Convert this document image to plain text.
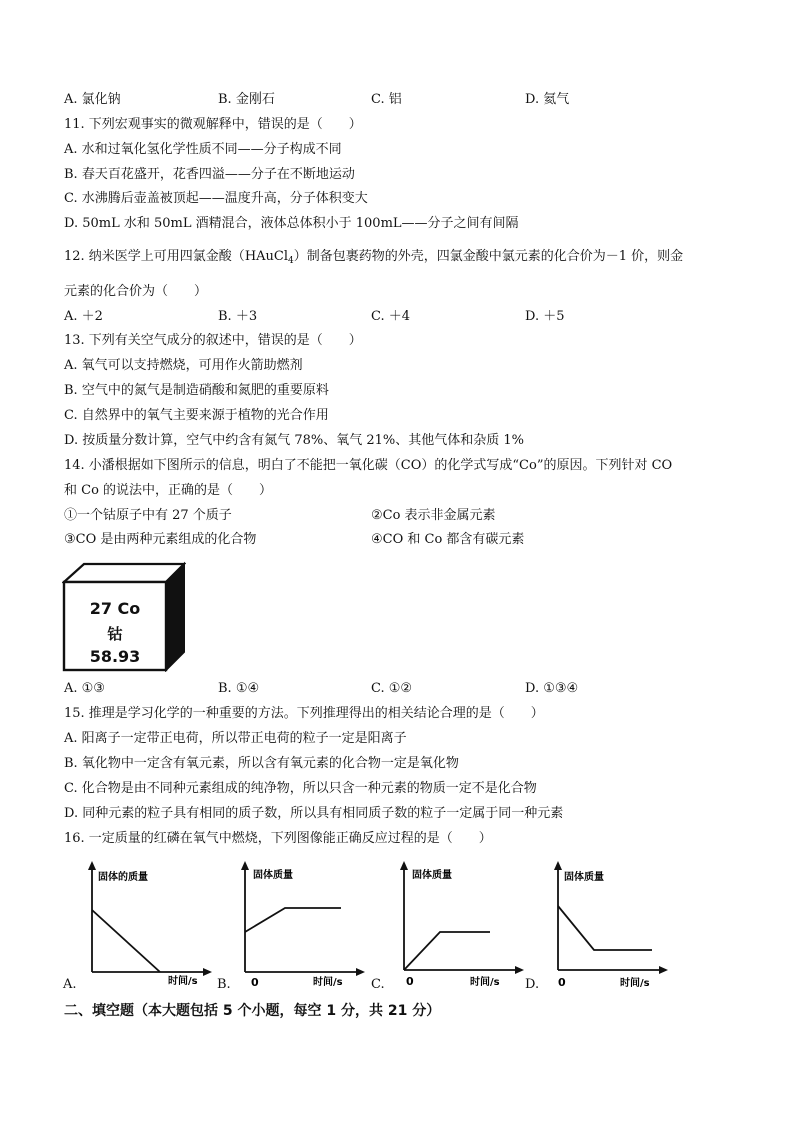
A. 氯化钠	B. 金刚石	C. 铝	D. 氦气
11. 下列宏观事实的微观解释中，错误的是（　　）
A. 水和过氧化氢化学性质不同——分子构成不同
B. 春天百花盛开，花香四溢——分子在不断地运动
C. 水沸腾后壶盖被顶起——温度升高，分子体积变大
D. 50mL 水和 50mL 酒精混合，液体总体积小于 100mL——分子之间有间隔
12. 纳米医学上可用四氯金酸（HAuCl$_4$）制备包裹药物的外壳，四氯金酸中氯元素的化合价为－1 价，则金
元素的化合价为（　　）
A. ＋2	B. ＋3	C. ＋4	D. ＋5
13. 下列有关空气成分的叙述中，错误的是（　　）
A. 氧气可以支持燃烧，可用作火箭助燃剂
B. 空气中的氮气是制造硝酸和氮肥的重要原料
C. 自然界中的氧气主要来源于植物的光合作用
D. 按质量分数计算，空气中约含有氮气 78%、氧气 21%、其他气体和杂质 1%
14. 小潘根据如下图所示的信息，明白了不能把一氧化碳（CO）的化学式写成“Co”的原因。下列针对 CO
和 Co 的说法中，正确的是（　　）
①一个钴原子中有 27 个质子	②Co 表示非金属元素
③CO 是由两种元素组成的化合物	④CO 和 Co 都含有碳元素
27 Co
钴
58.93
A. ①③	B. ①④	C. ①②	D. ①③④
15. 推理是学习化学的一种重要的方法。下列推理得出的相关结论合理的是（　　）
A. 阳离子一定带正电荷，所以带正电荷的粒子一定是阳离子
B. 氧化物中一定含有氧元素，所以含有氧元素的化合物一定是氧化物
C. 化合物是由不同种元素组成的纯净物，所以只含一种元素的物质一定不是化合物
D. 同种元素的粒子具有相同的质子数，所以具有相同质子数的粒子一定属于同一种元素
16. 一定质量的红磷在氧气中燃烧，下列图像能正确反应过程的是（　　）
A.
固体的质量
时间/s B.
固体质量
0	时间/s C.
固体质量
0	时间/s D.
固体质量
0	时间/s
二、填空题（本大题包括 5 个小题，每空 1 分，共 21 分）
